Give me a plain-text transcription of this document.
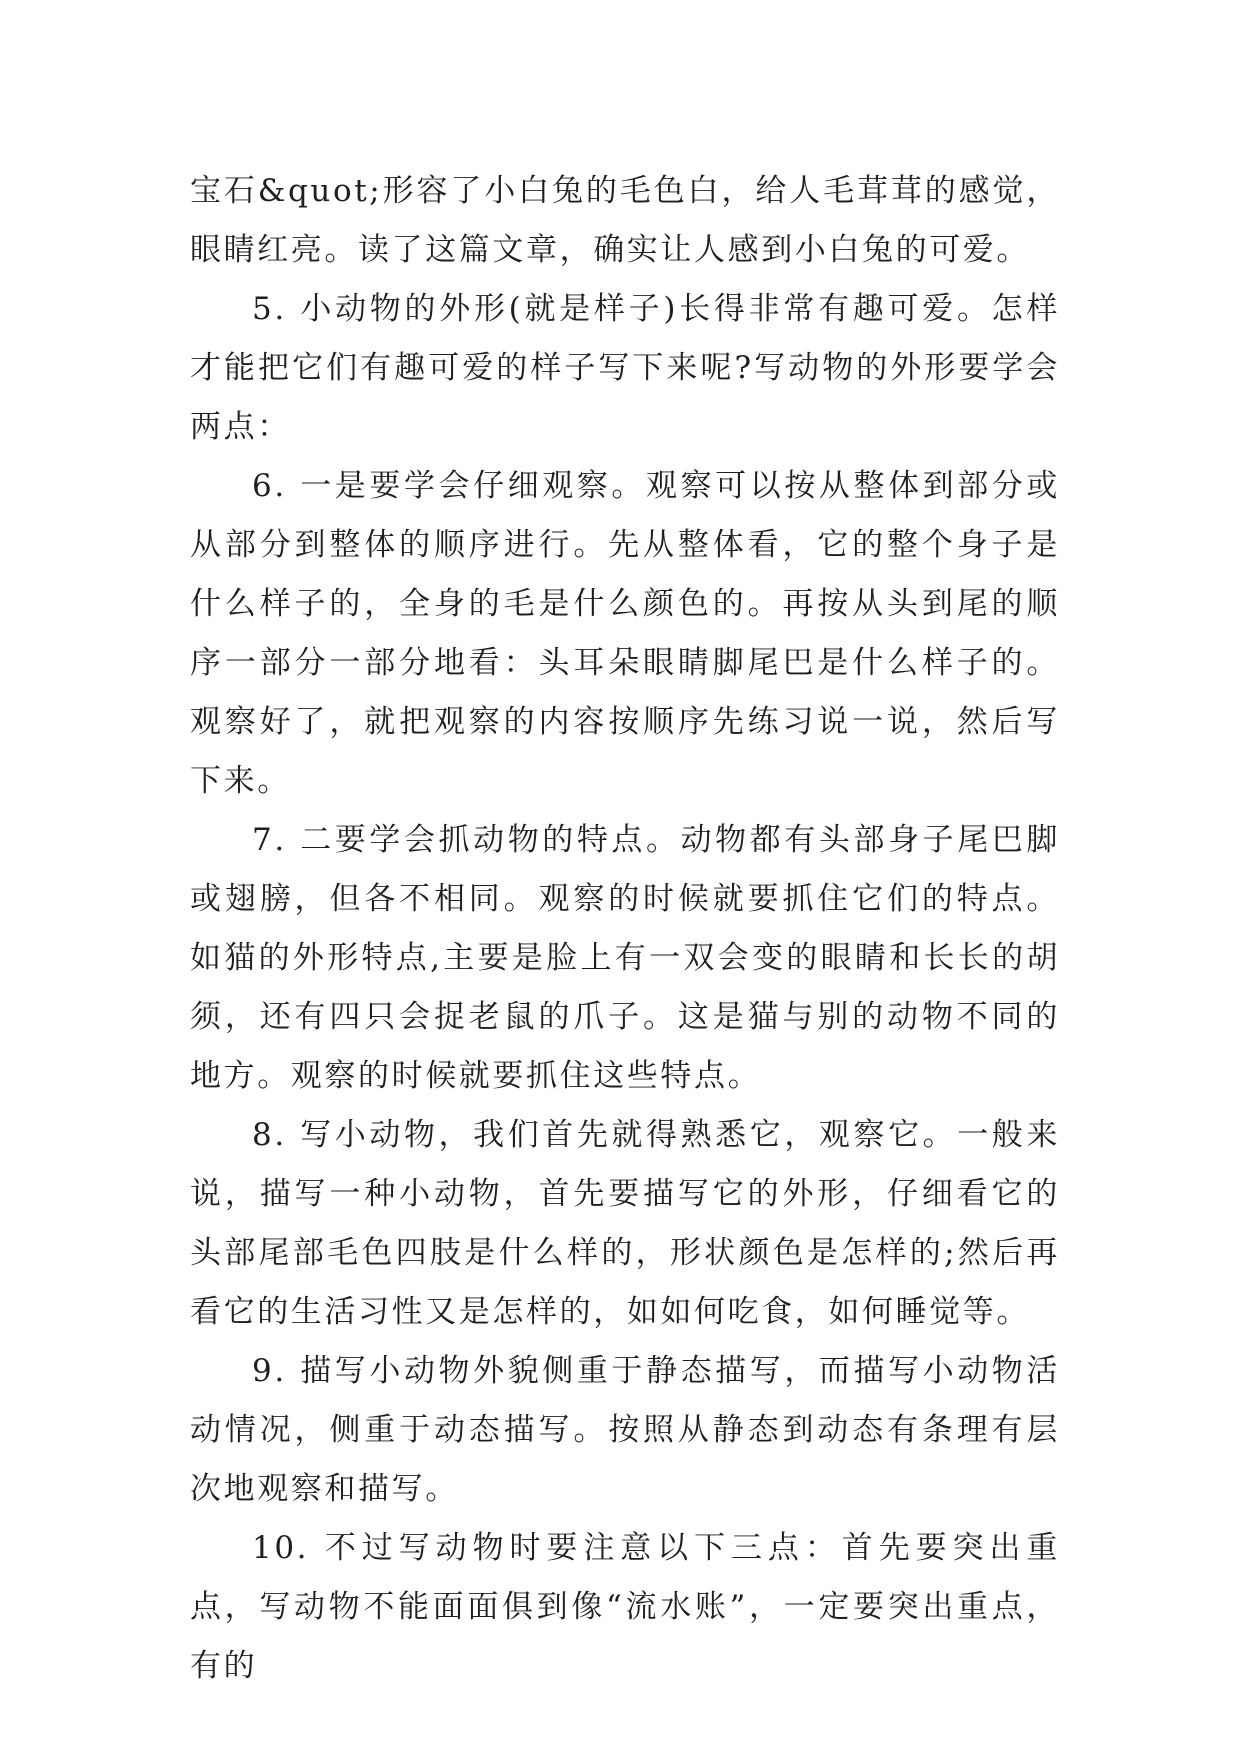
宝石&quot;形容了小白兔的毛色白，给人毛茸茸的感觉，眼睛红亮。读了这篇文章，确实让人感到小白兔的可爱。

5. 小动物的外形(就是样子)长得非常有趣可爱。怎样才能把它们有趣可爱的样子写下来呢?写动物的外形要学会两点：

6. 一是要学会仔细观察。观察可以按从整体到部分或从部分到整体的顺序进行。先从整体看，它的整个身子是什么样子的，全身的毛是什么颜色的。再按从头到尾的顺序一部分一部分地看：头耳朵眼睛脚尾巴是什么样子的。观察好了，就把观察的内容按顺序先练习说一说，然后写下来。

7. 二要学会抓动物的特点。动物都有头部身子尾巴脚或翅膀，但各不相同。观察的时候就要抓住它们的特点。如猫的外形特点,主要是脸上有一双会变的眼睛和长长的胡须，还有四只会捉老鼠的爪子。这是猫与别的动物不同的地方。观察的时候就要抓住这些特点。

8. 写小动物，我们首先就得熟悉它，观察它。一般来说，描写一种小动物，首先要描写它的外形，仔细看它的头部尾部毛色四肢是什么样的，形状颜色是怎样的;然后再看它的生活习性又是怎样的，如如何吃食，如何睡觉等。

9. 描写小动物外貌侧重于静态描写，而描写小动物活动情况，侧重于动态描写。按照从静态到动态有条理有层次地观察和描写。

10. 不过写动物时要注意以下三点：首先要突出重点，写动物不能面面俱到像“流水账”，一定要突出重点，有的
